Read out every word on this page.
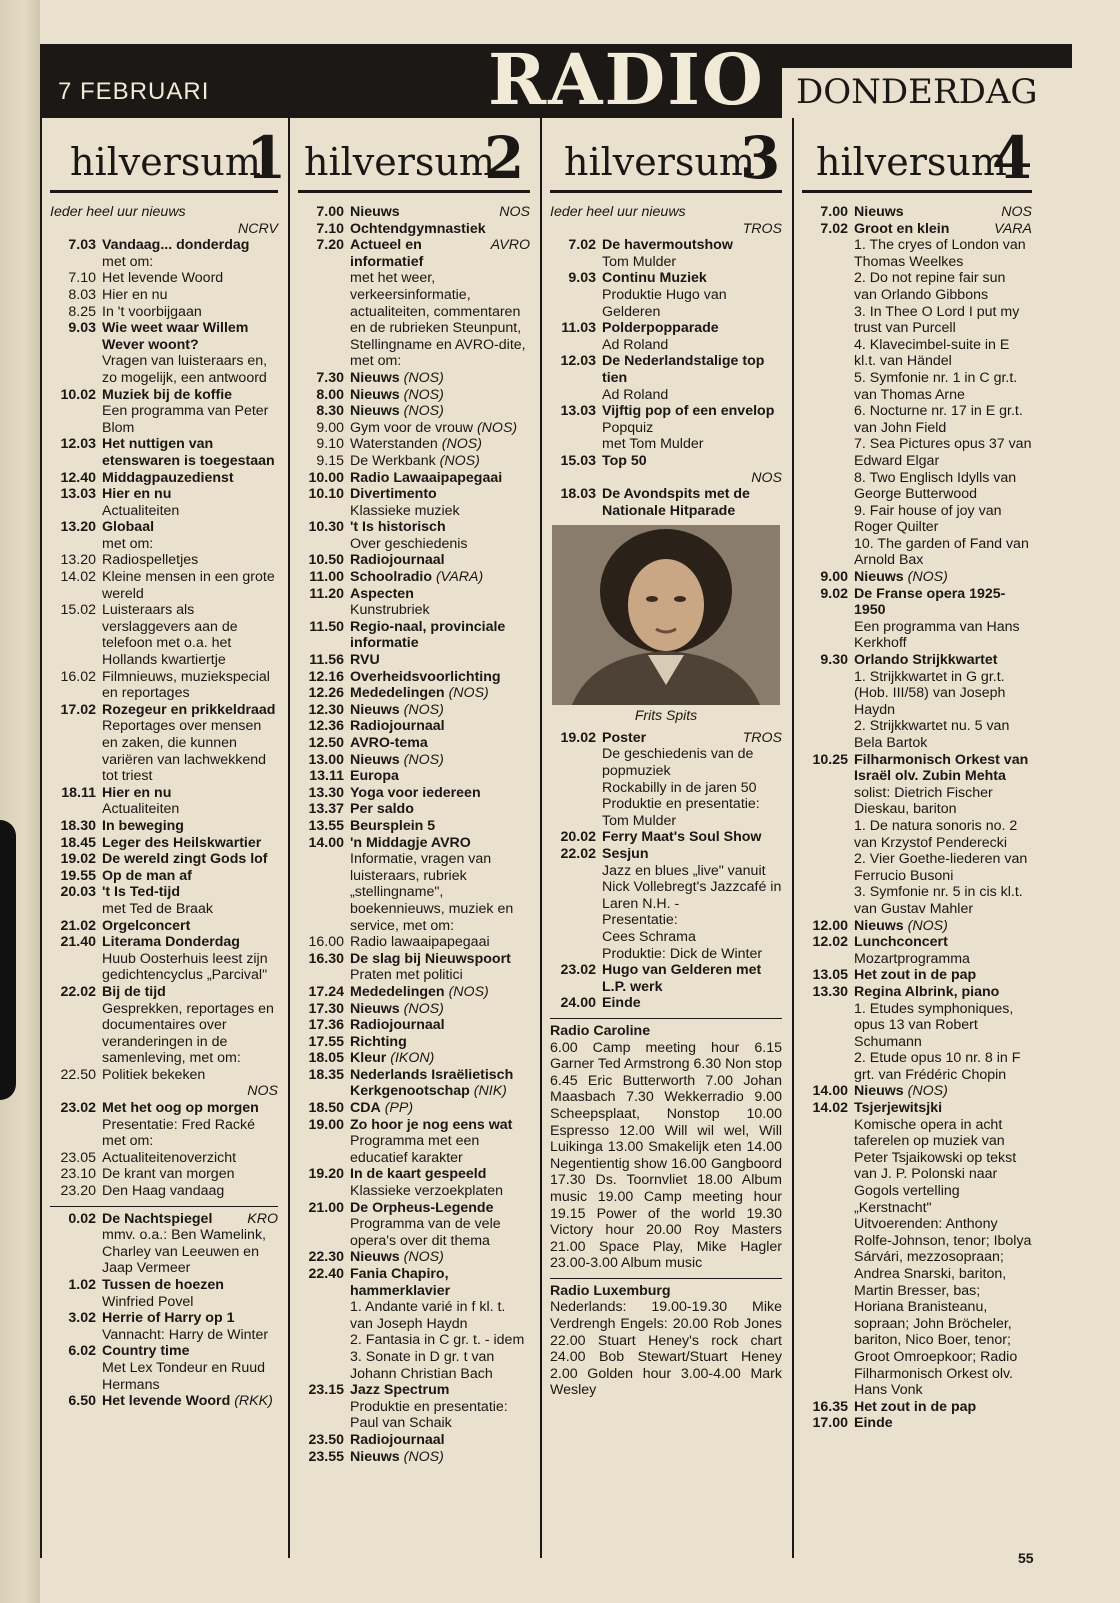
7 FEBRUARI	RADIO DONDERDAG
hilversum
1
Ieder heel uur nieuws
NCRV
7.03 Vandaag... donderdag
met om:
7.10 Het levende Woord
8.03 Hier en nu
8.25 In 't voorbijgaan
9.03 Wie weet waar Willem Wever woont?
Vragen van luisteraars en, zo mogelijk, een antwoord
10.02 Muziek bij de koffie
Een programma van Peter Blom
12.03 Het nuttigen van etenswaren is toegestaan
12.40 Middagpauzedienst
13.03 Hier en nu
Actualiteiten
13.20 Globaal
met om:
13.20 Radiospelletjes
14.02 Kleine mensen in een grote wereld
15.02 Luisteraars als verslaggevers aan de telefoon met o.a. het Hollands kwartiertje
16.02 Filmnieuws, muziekspecial en reportages
17.02 Rozegeur en prikkeldraad
Reportages over mensen en zaken, die kunnen variëren van lachwekkend tot triest
18.11 Hier en nu
Actualiteiten
18.30 In beweging
18.45 Leger des Heilskwartier
19.02 De wereld zingt Gods lof
19.55 Op de man af
20.03 't Is Ted-tijd
met Ted de Braak
21.02 Orgelconcert
21.40 Literama Donderdag
Huub Oosterhuis leest zijn gedichtencyclus „Parcival"
22.02 Bij de tijd
Gesprekken, reportages en documentaires over veranderingen in de samenleving, met om:
22.50 Politiek bekeken
NOS
23.02 Met het oog op morgen
Presentatie: Fred Racké met om:
23.05 Actualiteitenoverzicht
23.10 De krant van morgen
23.20 Den Haag vandaag
0.02	KRO
De Nachtspiegel
mmv. o.a.: Ben Wamelink, Charley van Leeuwen en Jaap Vermeer
1.02 Tussen de hoezen
Winfried Povel
3.02 Herrie of Harry op 1
Vannacht: Harry de Winter
6.02 Country time
Met Lex Tondeur en Ruud Hermans
6.50 Het levende Woord (RKK)
hilversum
2
7.00	NOS
Nieuws
7.10 Ochtendgymnastiek
7.20	AVRO
Actueel en informatief
met het weer, verkeersinformatie, actualiteiten, commentaren en de rubrieken Steunpunt, Stellingname en AVRO-dite, met om:
7.30 Nieuws (NOS)
8.00 Nieuws (NOS)
8.30 Nieuws (NOS)
9.00 Gym voor de vrouw (NOS)
9.10 Waterstanden (NOS)
9.15 De Werkbank (NOS)
10.00 Radio Lawaaipapegaai
10.10 Divertimento
Klassieke muziek
10.30 't Is historisch
Over geschiedenis
10.50 Radiojournaal
11.00 Schoolradio (VARA)
11.20 Aspecten
Kunstrubriek
11.50 Regio-naal, provinciale informatie
11.56 RVU
12.16 Overheidsvoorlichting
12.26 Mededelingen (NOS)
12.30 Nieuws (NOS)
12.36 Radiojournaal
12.50 AVRO-tema
13.00 Nieuws (NOS)
13.11 Europa
13.30 Yoga voor iedereen
13.37 Per saldo
13.55 Beursplein 5
14.00 'n Middagje AVRO
Informatie, vragen van luisteraars, rubriek „stellingname", boekennieuws, muziek en service, met om:
16.00 Radio lawaaipapegaai
16.30 De slag bij Nieuwspoort
Praten met politici
17.24 Mededelingen (NOS)
17.30 Nieuws (NOS)
17.36 Radiojournaal
17.55 Richting
18.05 Kleur (IKON)
18.35 Nederlands Israëlietisch Kerkgenootschap (NIK)
18.50 CDA (PP)
19.00 Zo hoor je nog eens wat
Programma met een educatief karakter
19.20 In de kaart gespeeld
Klassieke verzoekplaten
21.00 De Orpheus-Legende
Programma van de vele opera's over dit thema
22.30 Nieuws (NOS)
22.40 Fania Chapiro, hammerklavier
1. Andante varié in f kl. t. van Joseph Haydn
2. Fantasia in C gr. t. - idem
3. Sonate in D gr. t van Johann Christian Bach
23.15 Jazz Spectrum
Produktie en presentatie: Paul van Schaik
23.50 Radiojournaal
23.55 Nieuws (NOS)
hilversum
3
Ieder heel uur nieuws
TROS
7.02 De havermoutshow
Tom Mulder
9.03 Continu Muziek
Produktie Hugo van Gelderen
11.03 Polderpopparade
Ad Roland
12.03 De Nederlandstalige top tien
Ad Roland
13.03 Vijftig pop of een envelop
Popquiz
met Tom Mulder
15.03 Top 50
NOS
18.03 De Avondspits met de Nationale Hitparade
Frits Spits
19.02	TROS
Poster
De geschiedenis van de popmuziek
Rockabilly in de jaren 50
Produktie en presentatie: Tom Mulder
20.02 Ferry Maat's Soul Show
22.02 Sesjun
Jazz en blues „live" vanuit Nick Vollebregt's Jazzcafé in Laren N.H. -
Presentatie:
Cees Schrama
Produktie: Dick de Winter
23.02 Hugo van Gelderen met L.P. werk
24.00 Einde
Radio Caroline
6.00 Camp meeting hour 6.15 Garner Ted Armstrong 6.30 Non stop 6.45 Eric Butterworth 7.00 Johan Maasbach 7.30 Wekkerradio 9.00 Scheepsplaat, Nonstop 10.00 Espresso 12.00 Will wil wel, Will Luikinga 13.00 Smakelijk eten 14.00 Negentientig show 16.00 Gangboord 17.30 Ds. Toornvliet 18.00 Album music 19.00 Camp meeting hour 19.15 Power of the world 19.30 Victory hour 20.00 Roy Masters 21.00 Space Play, Mike Hagler 23.00-3.00 Album music
Radio Luxemburg
Nederlands: 19.00-19.30 Mike Verdrengh Engels: 20.00 Rob Jones 22.00 Stuart Heney's rock chart 24.00 Bob Stewart/Stuart Heney 2.00 Golden hour 3.00-4.00 Mark Wesley
hilversum
4
7.00	NOS
Nieuws
7.02	VARA
Groot en klein
1. The cryes of London van Thomas Weelkes
2. Do not repine fair sun van Orlando Gibbons
3. In Thee O Lord I put my trust van Purcell
4. Klavecimbel-suite in E kl.t. van Händel
5. Symfonie nr. 1 in C gr.t. van Thomas Arne
6. Nocturne nr. 17 in E gr.t. van John Field
7. Sea Pictures opus 37 van Edward Elgar
8. Two Englisch Idylls van George Butterwood
9. Fair house of joy van Roger Quilter
10. The garden of Fand van Arnold Bax
9.00 Nieuws (NOS)
9.02 De Franse opera 1925-1950
Een programma van Hans Kerkhoff
9.30 Orlando Strijkkwartet
1. Strijkkwartet in G gr.t. (Hob. III/58) van Joseph Haydn
2. Strijkkwartet nu. 5 van Bela Bartok
10.25 Filharmonisch Orkest van Israël olv. Zubin Mehta
solist: Dietrich Fischer Dieskau, bariton
1. De natura sonoris no. 2 van Krzystof Penderecki
2. Vier Goethe-liederen van Ferrucio Busoni
3. Symfonie nr. 5 in cis kl.t. van Gustav Mahler
12.00 Nieuws (NOS)
12.02 Lunchconcert
Mozartprogramma
13.05 Het zout in de pap
13.30 Regina Albrink, piano
1. Etudes symphoniques, opus 13 van Robert Schumann
2. Etude opus 10 nr. 8 in F grt. van Frédéric Chopin
14.00 Nieuws (NOS)
14.02 Tsjerjewitsjki
Komische opera in acht taferelen op muziek van Peter Tsjaikowski op tekst van J. P. Polonski naar Gogols vertelling „Kerstnacht"
Uitvoerenden: Anthony Rolfe-Johnson, tenor; Ibolya Sárvári, mezzosopraan; Andrea Snarski, bariton, Martin Bresser, bas; Horiana Branisteanu, sopraan; John Bröcheler, bariton, Nico Boer, tenor; Groot Omroepkoor; Radio Filharmonisch Orkest olv. Hans Vonk
16.35 Het zout in de pap
17.00 Einde
55
